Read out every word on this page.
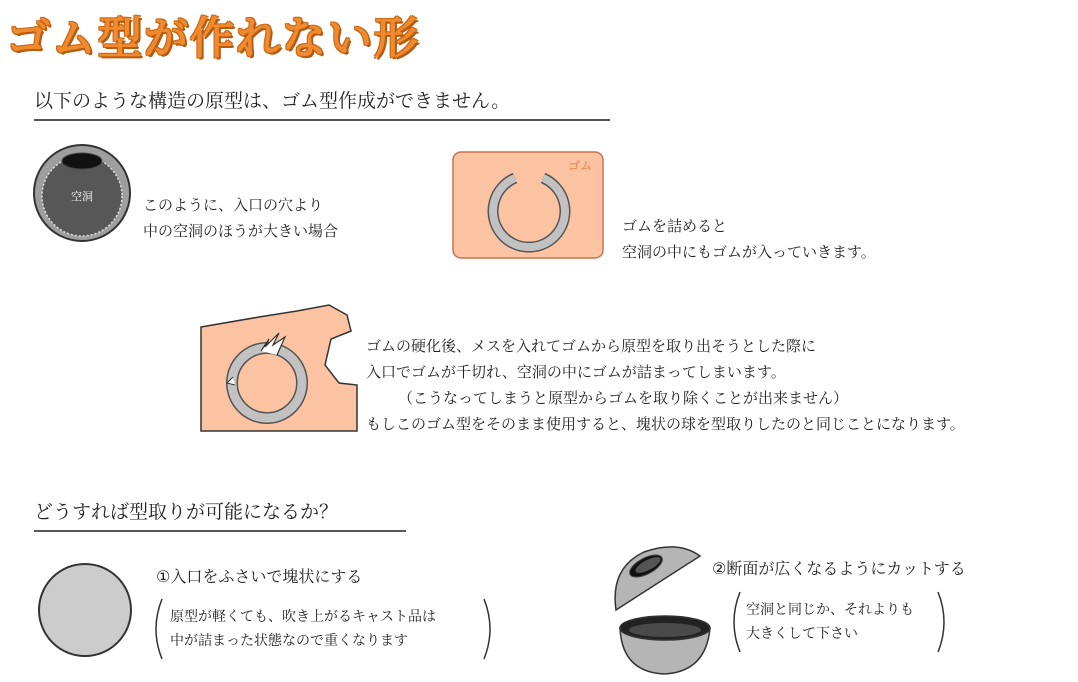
ゴム型が作れない形
以下のような構造の原型は、ゴム型作成ができません。
空洞	このように、入口の穴より
中の空洞のほうが大きい場合
ゴム
ゴムを詰めると
空洞の中にもゴムが入っていきます。
ゴムの硬化後、メスを入れてゴムから原型を取り出そうとした際に
入口でゴムが千切れ、空洞の中にゴムが詰まってしまいます。
（こうなってしまうと原型からゴムを取り除くことが出来ません）
もしこのゴム型をそのまま使用すると、塊状の球を型取りしたのと同じことになります。
どうすれば型取りが可能になるか？
①入口をふさいで塊状にする
原型が軽くても、吹き上がるキャスト品は
中が詰まった状態なので重くなります
②断面が広くなるようにカットする
空洞と同じか、それよりも
大きくして下さい
